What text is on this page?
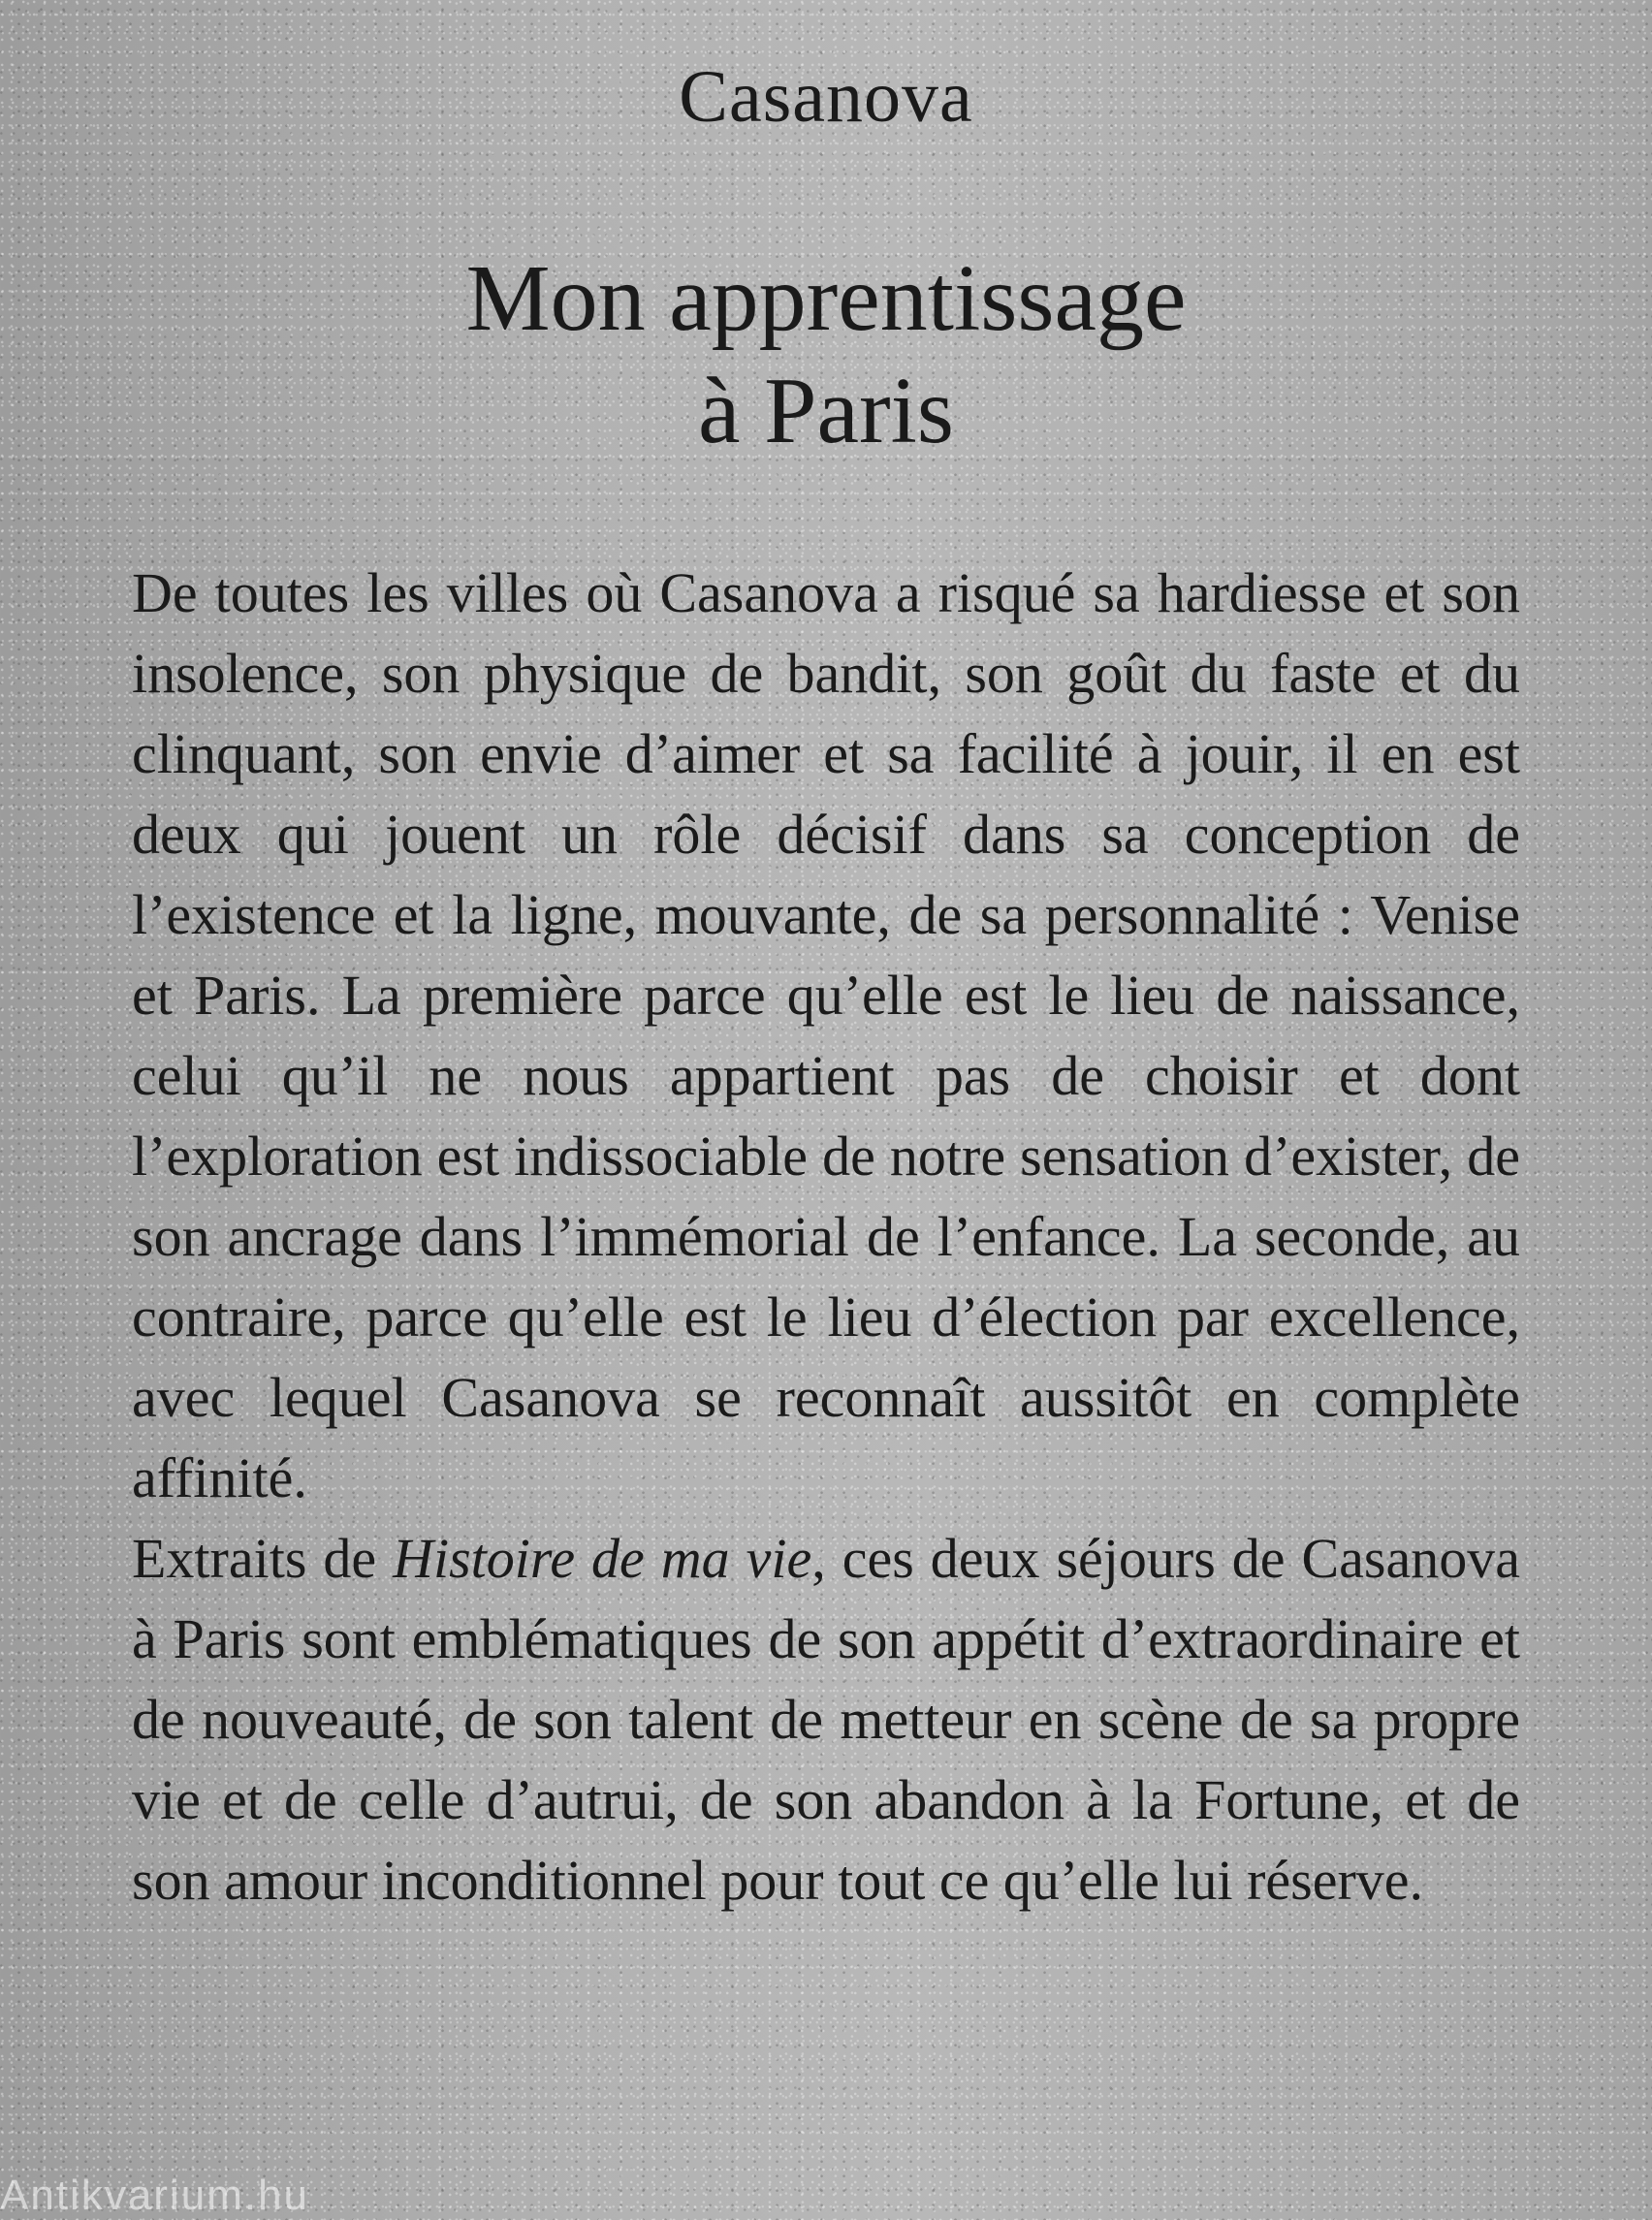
Casanova
Mon apprentissage
à Paris

De toutes les villes où Casanova a risqué sa hardiesse et son insolence, son physique de bandit, son goût du faste et du clinquant, son envie d’aimer et sa facilité à jouir, il en est deux qui jouent un rôle décisif dans sa conception de l’existence et la ligne, mouvante, de sa personnalité : Venise et Paris. La première parce qu’elle est le lieu de naissance, celui qu’il ne nous appartient pas de choisir et dont l’exploration est indissociable de notre sensation d’exister, de son ancrage dans l’immémorial de l’enfance. La seconde, au contraire, parce qu’elle est le lieu d’élection par excellence, avec lequel Casanova se reconnaît aussitôt en complète affinité.

Extraits de Histoire de ma vie, ces deux séjours de Casanova à Paris sont emblématiques de son appétit d’extraordinaire et de nouveauté, de son talent de metteur en scène de sa propre vie et de celle d’autrui, de son abandon à la Fortune, et de son amour inconditionnel pour tout ce qu’elle lui réserve.

Antikvarium.hu
